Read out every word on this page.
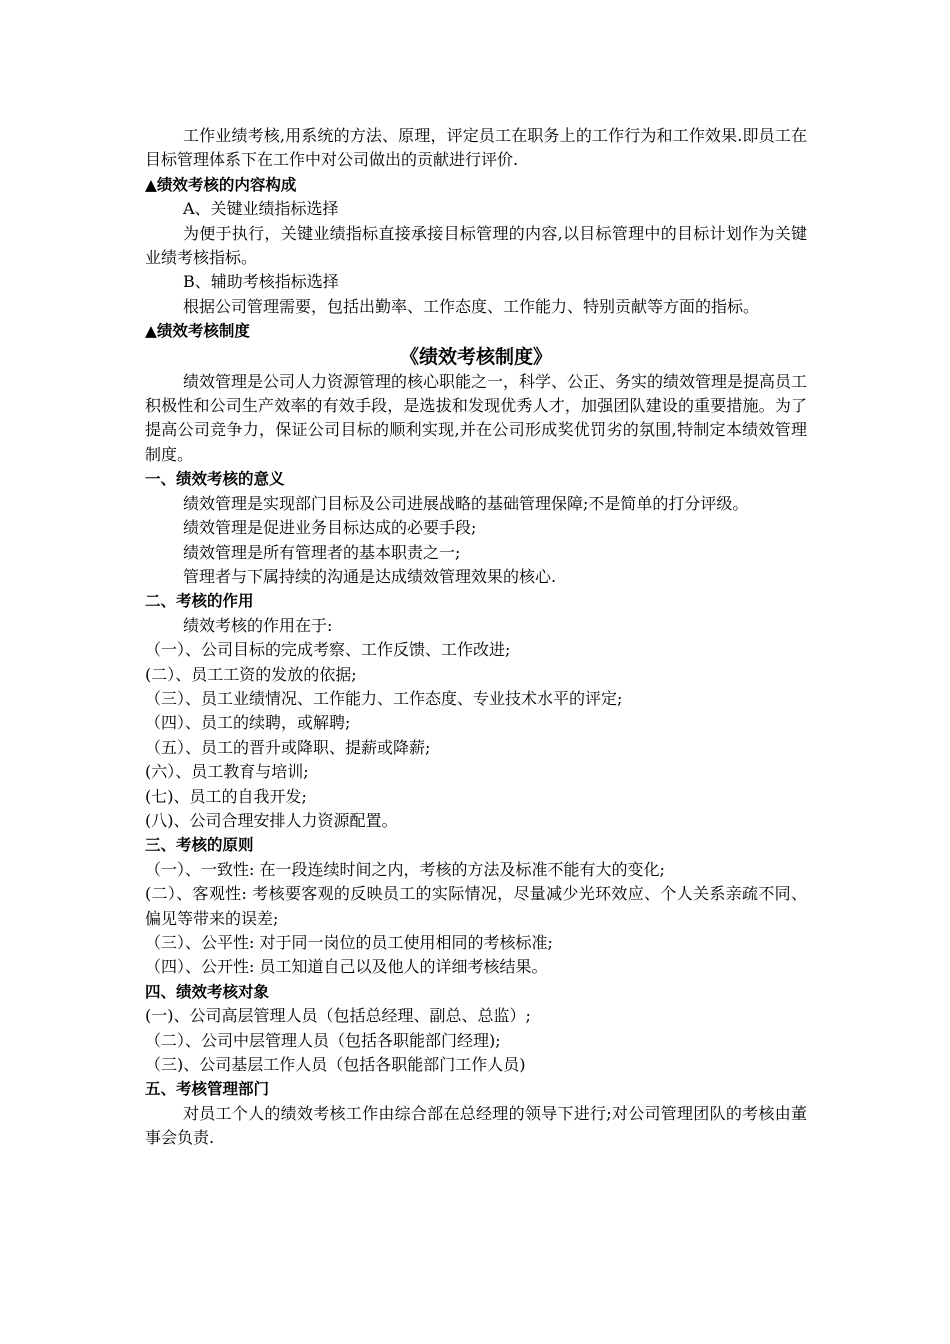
工作业绩考核,用系统的方法、原理，评定员工在职务上的工作行为和工作效果.即员工在目标管理体系下在工作中对公司做出的贡献进行评价.

▲绩效考核的内容构成

A、关键业绩指标选择

为便于执行，关键业绩指标直接承接目标管理的内容,以目标管理中的目标计划作为关键业绩考核指标。

B、辅助考核指标选择

根据公司管理需要，包括出勤率、工作态度、工作能力、特别贡献等方面的指标。

▲绩效考核制度

《绩效考核制度》

绩效管理是公司人力资源管理的核心职能之一，科学、公正、务实的绩效管理是提高员工积极性和公司生产效率的有效手段，是选拔和发现优秀人才，加强团队建设的重要措施。为了提高公司竞争力，保证公司目标的顺利实现,并在公司形成奖优罚劣的氛围,特制定本绩效管理制度。

一、绩效考核的意义

绩效管理是实现部门目标及公司进展战略的基础管理保障;不是简单的打分评级。

绩效管理是促进业务目标达成的必要手段;

绩效管理是所有管理者的基本职责之一;

管理者与下属持续的沟通是达成绩效管理效果的核心.

二、考核的作用

绩效考核的作用在于:

（一）、公司目标的完成考察、工作反馈、工作改进;

(二）、员工工资的发放的依据;

（三）、员工业绩情况、工作能力、工作态度、专业技术水平的评定;

（四）、员工的续聘，或解聘;

（五）、员工的晋升或降职、提薪或降薪;

(六）、员工教育与培训;

(七)、员工的自我开发;

(八)、公司合理安排人力资源配置。

三、考核的原则

（一）、一致性: 在一段连续时间之内，考核的方法及标准不能有大的变化;

(二）、客观性: 考核要客观的反映员工的实际情况，尽量减少光环效应、个人关系亲疏不同、偏见等带来的误差;

（三）、公平性: 对于同一岗位的员工使用相同的考核标准;

（四）、公开性: 员工知道自己以及他人的详细考核结果。

四、绩效考核对象

(一)、公司高层管理人员（包括总经理、副总、总监）;

（二）、公司中层管理人员（包括各职能部门经理);

（三)、公司基层工作人员（包括各职能部门工作人员)

五、考核管理部门

对员工个人的绩效考核工作由综合部在总经理的领导下进行;对公司管理团队的考核由董事会负责.
